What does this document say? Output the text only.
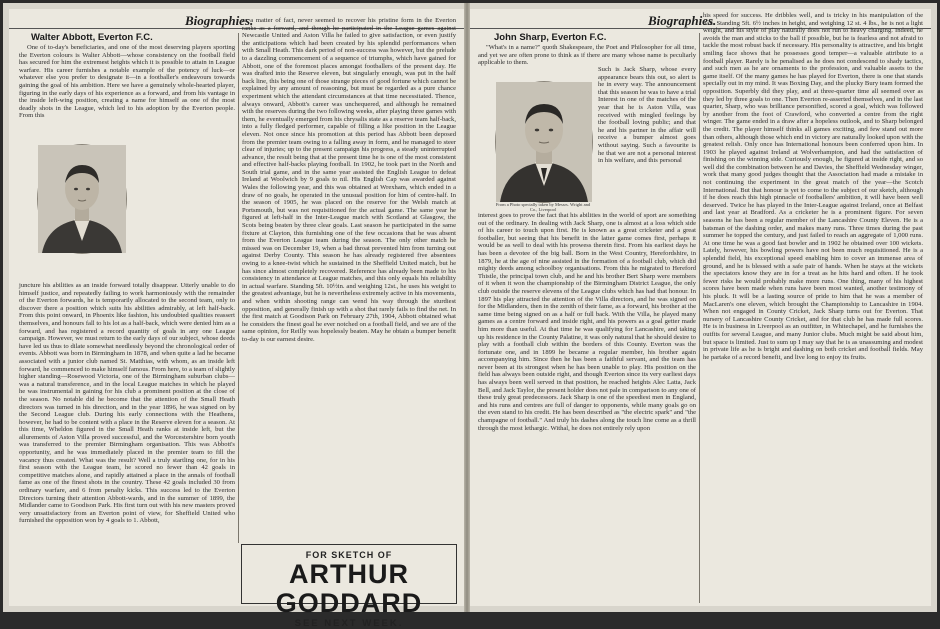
Biographies.
Walter Abbott, Everton F.C.

One of to-day's beneficiaries, and one of the most deserving players sporting the Everton colours is Walter Abbott—whose consistency on the football field has secured for him the extremest heights which it is possible to attain in League warfare. His career furnishes a notable example of the potency of luck—or whatever else you prefer to designate it—in a footballer's endeavours towards gaining the goal of his ambition. Here we have a genuinely whole-hearted player, figuring in the early days of his experience as a forward, and from his vantage in the inside left-wing position, creating a name for himself as one of the most deadly shots in the League, which led to his adoption by the Everton people. From this

juncture his abilities as an inside forward totally disappear. Utterly unable to do himself justice, and repeatedly failing to work harmoniously with the remainder of the Everton forwards, he is temporarily allocated to the second team, only to discover there a position which suits his abilities admirably, at left half-back. From this point onward, in Phoenix like fashion, his undoubted qualities reassert themselves, and honours fall to his lot as a half-back, which were denied him as a forward, and has registered a record quantity of goals in any one League campaign. However, we must return to the early days of our subject, whose deeds have led us thus to dilate somewhat needlessly beyond the chronological order of events. Abbott was born in Birmingham in 1878, and when quite a lad he became associated with a junior club named St. Matthias, with whom, as an inside left forward, he commenced to make himself famous. From here, to a team of slightly higher standing—Rosewood Victoria, one of the Birmingham suburban clubs—was a natural transference, and in the local League matches in which he played he was instrumental in gaining for his club a prominent position at the close of the season. No notable did he become that the attention of the Small Heath directors was turned in his direction, and in the year 1896, he was signed on by the Second League club. During his early connections with the Heathens, however, he had to be content with a place in the Reserve eleven for a season. At this time, Wheldon figured in the Small Heath ranks at inside left, but the allurements of Aston Villa proved successful, and the Worcestershire born youth was transferred to the premier Birmingham organisation. This was Abbott's opportunity, and he was immediately placed in the premier team to fill the vacancy thus created. What was the result? Well a truly startling one, for in his first season with the League team, he scored no fewer than 42 goals in competitive matches alone, and rapidly attained a place in the annals of football fame as one of the finest shots in the country. These 42 goals included 30 from ordinary warfare, and 6 from penalty kicks. This success led to the Everton Directors turning their attention Abbott-wards, and in the summer of 1899, the Midlander came to Goodison Park. His first turn out with his new masters proved very unsatisfactory from an Everton point of view, for Sheffield United who furnished the opposition won by 4 goals to 1. Abbott,

as a matter of fact, never seemed to recover his pristine form in the Everton ranks as a forward, and though he participated in the League games against Newcastle United and Aston Villa he failed to give satisfaction, or even justify the anticipations which had been created by his splendid performances when with Small Heath. This dark period of non-success was however, but the prelude to a dazzling commencement of a sequence of triumphs, which have gained for Abbott, one of the foremost places amongst footballers of the present day. He was drafted into the Reserve eleven, but singularly enough, was put in the half back line, this being one of those strange pieces of good fortune which cannot be explained by any amount of reasoning, but must be regarded as a pure chance experiment which the attendant circumstances at that time necessitated. Thence, always onward, Abbott's career was unchequered, and although he remained with the reserves during the two following weeks, after playing three games with them, he eventually emerged from his chrysalis state as a reserve team half-back, into a fully fledged performer, capable of filling a like position in the League eleven. Not once since his promotion at this period has Abbott been deposed from the premier team owing to a falling away in form, and he managed to steer clear of injuries; up to the present campaign his progress, a steady uninterrupted advance, the result being that at the present time he is one of the most consistent and effective half-backs playing football. In 1902, he took part in the North and South trial game, and in the same year assisted the English League to defeat Ireland at Woolwich by 9 goals to nil. His English Cap was awarded against Wales the following year, and this was obtained at Wrexham, which ended in a draw of no goals, he operated in the unusual position for him of centre-half. In the season of 1905, he was placed on the reserve for the Welsh match at Portsmouth, but was not requisitioned for the actual game. The same year he figured at left-half in the Inter-League match with Scotland at Glasgow, the Scots being beaten by three clear goals. Last season he participated in the same fixture at Clayton, this furnishing one of the few occasions that he was absent from the Everton League team during the season. The only other match he missed was on December 19, when a bad throat prevented him from turning out against Derby County. This season he has already registered five absentees owing to a knee-twist which he sustained in the Sheffield United match, but he has since almost completely recovered. Reference has already been made to his consistency in attendance at League matches, and this only equals his reliability in actual warfare. Standing 5ft. 10½in. and weighing 12st., he uses his weight to the greatest advantage, but he is nevertheless extremely active in his movements, and when within shooting range can wend his way through the sturdiest opposition, and generally finish up with a shot that rarely fails to find the net. In the first match at Goodison Park on February 27th, 1904, Abbott obtained what he considers the finest goal he ever notched on a football field, and we are of the same opinion, for Reilly was hopelessly beaten. May he obtain a bumper benefit to-day is our earnest desire.

FOR SKETCH OF
ARTHUR GODDARD
SEE NEXT WEEK.
Biographies.
John Sharp, Everton F.C.

"What's in a name?" quoth Shakespeare, the Poet and Philosopher for all time, and yet we are often prone to think as if there are many whose name is peculiarly applicable to them.

From a Photo specially taken by Messrs. Wright and Co., Liverpool

Such is Jack Sharp, whose every appearance bears this out, so alert is he in every way. The announcement that this season he was to have a trial Interest in one of the matches of the year that he is Aston Villa, was received with mingled feelings by the football loving public; and that he and his partner in the affair will receive a bumper almost goes without saying. Such a favourite is he that we are not a personal interest in his welfare, and this personal

interest goes to prove the fact that his abilities in the world of sport are something out of the ordinary. In dealing with Jack Sharp, one is almost at a loss which side of his career to touch upon first. He is known as a great cricketer and a great footballer, but seeing that his benefit in the latter game comes first, perhaps it would be as well to deal with his prowess therein first. From his earliest days he has been a devotee of the big ball. Born in the West Country, Herefordshire, in 1879, he at the age of nine assisted in the formation of a football club, which did mighty deeds among schoolboy organisations. From this he migrated to Hereford Thistle, the principal town club, and he and his brother Bert Sharp were members of it when it won the championship of the Birmingham District League, the only club outside the reserve elevens of the League clubs which has had that honour. In 1897 his play attracted the attention of the Villa directors, and he was signed on for the Midlanders, then in the zenith of their fame, as a forward, his brother at the same time being signed on as a half or full back. With the Villa, he played many games as a centre forward and inside right, and his powers as a goal getter made him more than useful. At that time he was qualifying for Lancashire, and taking up his residence in the County Palatine, it was only natural that he should desire to play with a football club within the borders of this County. Everton was the fortunate one, and in 1899 he became a regular member, his brother again accompanying him. Since then he has been a faithful servant, and the team has never been at its strongest when he has been unable to play. His position on the field has always been outside right, and though Everton since its very earliest days has always been well served in that position, he reached heights Alec Latta, Jack Bell, and Jack Taylor, the present holder does not pale in comparison to any one of these truly great predecessors. Jack Sharp is one of the speediest men in England, and his runs and centres are full of danger to opponents, while many goals go on the even stand to his credit. He has been described as "the electric spark" and "the champagne of football." And truly his dashes along the touch line come as a thrill through the most lethargic. Withal, he does not entirely rely upon

his speed for success. He dribbles well, and is tricky in his manipulation of the ball. Standing 5ft. 6½ inches in height, and weighing 12 st. 4 lbs., he is not a light weight, and his style of play naturally does not run to heavy charging. Indeed, he avoids the man and sticks to the ball if possible, but he is fearless and not afraid to tackle the most robust back if necessary. His personality is attractive, and his bright smiling face shows that he possesses good temper—a valuable attribute to a football player. Rarely is he penalised as he does not condescend to shady tactics, and such men as he are ornaments to the profession, and valuable assets to the game itself. Of the many games he has played for Everton, there is one that stands specially out in my mind. It was Boxing Day, and the plucky Bury team formed the opposition. Superbly did they play, and at three-quarter time all seemed over as they led by three goals to one. Then Everton re-asserted themselves, and in the last quarter, Sharp, who was brilliance personified, scored a goal, which was followed by another from the foot of Crawford, who converted a centre from the right winger. The game ended in a draw after a hopeless outlook, and to Sharp belonged the credit. The player himself thinks all games exciting, and few stand out more than others, although those which end in victory are naturally looked upon with the greatest relish. Only once has International honours been conferred upon him. In 1903 he played against Ireland at Wolverhampton, and had the satisfaction of finishing on the winning side. Curiously enough, he figured at inside right, and so well did the combination between he and Davies, the Sheffield Wednesday winger, work that many good judges thought that the Association had made a mistake in not continuing the experiment in the great match of the year—the Scotch International. But that honour is yet to come to the subject of our sketch, although if he does reach this high pinnacle of footballers' ambition, it will have been well deserved. Twice he has played in the Inter-League against Ireland, once at Belfast and last year at Bradford. As a cricketer he is a prominent figure. For seven seasons he has been a regular member of the Lancashire County Eleven. He is a batsman of the dashing order, and makes many runs. Three times during the past summer he topped the century, and just failed to reach an aggregate of 1,000 runs. At one time he was a good fast bowler and in 1902 he obtained over 100 wickets. Lately, however, his bowling powers have not been much requisitioned. He is a splendid field, his exceptional speed enabling him to cover an immense area of ground, and he is blessed with a safe pair of hands. When he stays at the wickets the spectators know they are in for a treat as he hits hard and often. If he took fewer risks he would probably make more runs. One thing, many of his highest scores have been made when runs have been most wanted, another testimony of his pluck. It will be a lasting source of pride to him that he was a member of MacLaren's one eleven, which brought the Championship to Lancashire in 1904. When not engaged in County Cricket, Jack Sharp turns out for Everton. That nursery of Lancashire County Cricket, and for that club he has made full scores. He is in business in Liverpool as an outfitter, in Whitechapel, and he furnishes the outfits for several League, and many Junior clubs. Much might be said about him, but space is limited. Just to sum up I may say that he is as unassuming and modest in private life as he is bright and dashing on both cricket and football fields. May he partake of a record benefit, and live long to enjoy its fruits.
